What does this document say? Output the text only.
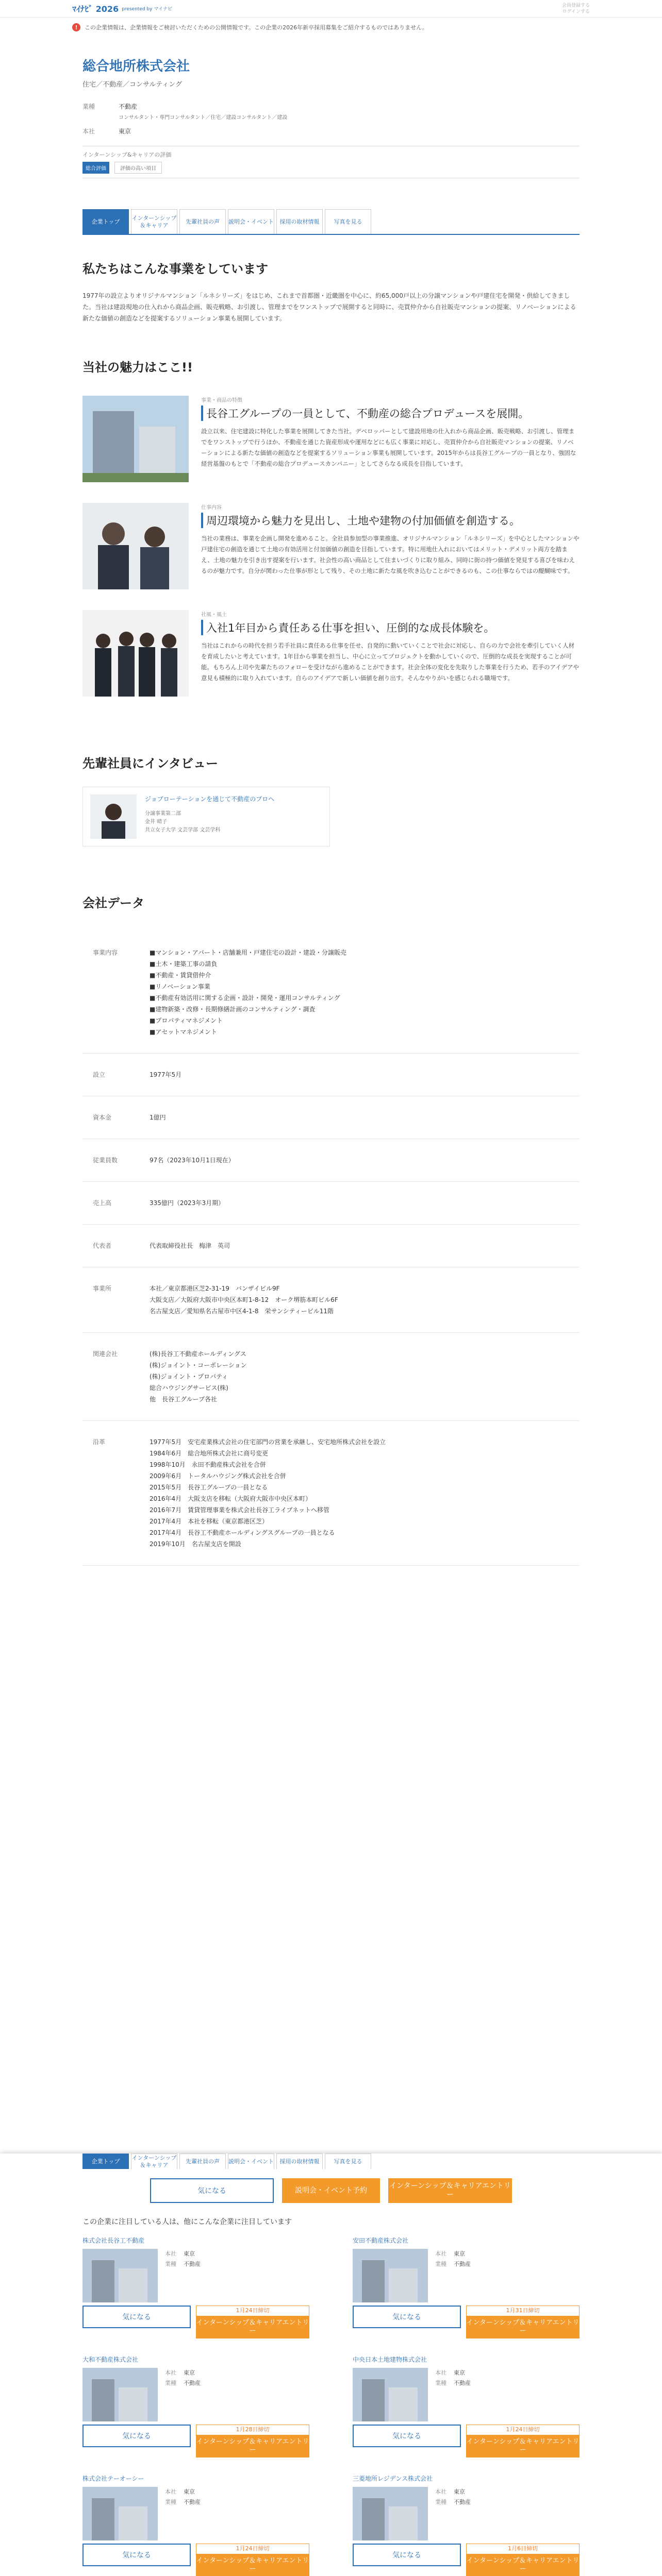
ﾏｲﾅﾋﾞ 2026 presented by マイナビ
会員登録する
ログインする
!	この企業情報は、企業情報をご検討いただくための公開情報です。この企業の2026年新卒採用募集をご紹介するものではありません。
総合地所株式会社
住宅／不動産／コンサルティング
業種	不動産
コンサルタント・専門コンサルタント／住宅／建設コンサルタント／建設
本社	東京
インターンシップ&キャリアの評価
総合評価	評価の高い項目
企業トップ
インターンシップ＆キャリア
先輩社員の声	説明会・イベント	採用の取材情報	写真を見る
私たちはこんな事業をしています

1977年の設立よりオリジナルマンション「ルネシリーズ」をはじめ、これまで首都圏・近畿圏を中心に、約65,000戸以上の分譲マンションや戸建住宅を開発・供給してきました。当社は建設現地の仕入れから商品企画、販売戦略、お引渡し、管理までをワンストップで展開すると同時に、売買仲介から自社販売マンションの提案、リノベーションによる新たな価値の創造などを提案するソリューション事業も展開しています。

当社の魅力はここ!!
事業・商品の特徴
長谷工グループの一員として、不動産の総合プロデュースを展開。
設立以来、住宅建設に特化した事業を展開してきた当社。デベロッパーとして建設用地の仕入れから商品企画、販売戦略、お引渡し、管理までをワンストップで行うほか、不動産を通じた資産形成や運用などにも広く事業に対応し、売買仲介から自社販売マンションの提案、リノベーションによる新たな価値の創造などを提案するソリューション事業も展開しています。2015年からは長谷工グループの一員となり、強固な経営基盤のもとで「不動産の総合プロデュースカンパニー」としてさらなる成長を目指しています。
仕事内容
周辺環境から魅力を見出し、土地や建物の付加価値を創造する。
当社の業務は、事業を企画し開発を進めること。全社員参加型の事業推進、オリジナルマンション「ルネシリーズ」を中心としたマンションや戸建住宅の創造を通じて土地の有効活用と付加価値の創造を目指しています。特に用地仕入れにおいてはメリット・デメリット両方を踏まえ、土地の魅力を引き出す提案を行います。社会性の高い商品として住まいづくりに取り組み、同時に街の持つ価値を発見する喜びを味わえるのが魅力です。自分が関わった仕事が形として残り、その土地に新たな風を吹き込むことができるのも、この仕事ならではの醍醐味です。
社風・風土
入社1年目から責任ある仕事を担い、圧倒的な成長体験を。
当社はこれからの時代を担う若手社員に責任ある仕事を任せ、自発的に動いていくことで社会に対応し、自らの力で会社を牽引していく人材を育成したいと考えています。1年目から事業を担当し、中心に立ってプロジェクトを動かしていくので、圧倒的な成長を実現することが可能。もちろん上司や先輩たちのフォローを受けながら進めることができます。社会全体の変化を先取りした事業を行うため、若手のアイデアや意見も積極的に取り入れています。自らのアイデアで新しい価値を創り出す。そんなやりがいを感じられる職場です。
先輩社員にインタビュー
ジョブローテーションを通じて不動産のプロへ
分譲事業第二部
金井 晴子
共立女子大学 文芸学部 文芸学科
会社データ
事業内容	■マンション・アパート・店舗兼用・戸建住宅の設計・建設・分譲販売
■土木・建築工事の請負
■不動産・賃貸借仲介
■リノベーション事業
■不動産有効活用に関する企画・設計・開発・運用コンサルティング
■建物新築・改修・長期修繕計画のコンサルティング・調査
■プロパティマネジメント
■アセットマネジメント
設立	1977年5月
資本金	1億円
従業員数	97名（2023年10月1日現在）
売上高	335億円（2023年3月期）
代表者	代表取締役社長　梅津　英司
事業所	本社／東京都港区芝2-31-19　バンザイビル9F
大阪支店／大阪府大阪市中央区本町1-8-12　オーク堺筋本町ビル6F
名古屋支店／愛知県名古屋市中区4-1-8　栄サンシティービル11階
関連会社	(株)長谷工不動産ホールディングス
(株)ジョイント・コーポレーション
(株)ジョイント・プロパティ
総合ハウジングサービス(株)
他　長谷工グループ各社
沿革	1977年5月　安宅産業株式会社の住宅部門の営業を承継し、安宅地所株式会社を設立
1984年6月　総合地所株式会社に商号変更
1998年10月　永田不動産株式会社を合併
2009年6月　トータルハウジング株式会社を合併
2015年5月　長谷工グループの一員となる
2016年4月　大阪支店を移転（大阪府大阪市中央区本町）
2016年7月　賃貸管理事業を株式会社長谷工ライブネットへ移管
2017年4月　本社を移転（東京都港区芝）
2017年4月　長谷工不動産ホールディングスグループの一員となる
2019年10月　名古屋支店を開設
企業トップ
インターンシップ＆キャリア
先輩社員の声	説明会・イベント	採用の取材情報	写真を見る
気になる	説明会・イベント予約
インターンシップ＆キャリアエントリー
この企業に注目している人は、他にこんな企業に注目しています
株式会社長谷工不動産
本社 東京
業種 不動産
気になる
1月24日締切
インターンシップ＆キャリアエントリー
安田不動産株式会社
本社 東京
業種 不動産
気になる
1月31日締切
インターンシップ＆キャリアエントリー
大和不動産株式会社
本社 東京
業種 不動産
気になる
1月28日締切
インターンシップ＆キャリアエントリー
中央日本土地建物株式会社
本社 東京
業種 不動産
気になる
1月24日締切
インターンシップ＆キャリアエントリー
株式会社テーオーシー
本社 東京
業種 不動産
気になる
1月24日締切
インターンシップ＆キャリアエントリー
三菱地所レジデンス株式会社
本社 東京
業種 不動産
気になる
1月6日締切
インターンシップ＆キャリアエントリー
